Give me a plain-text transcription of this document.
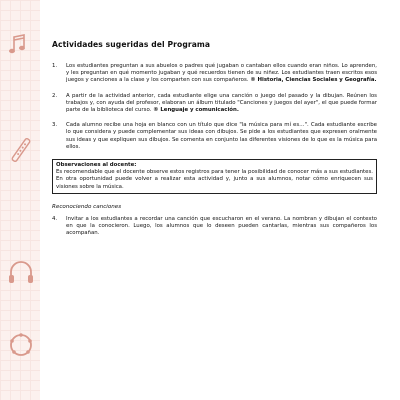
Actividades sugeridas del Programa
1.	Los estudiantes preguntan a sus abuelos o padres qué jugaban o cantaban ellos cuando eran niños. Lo aprenden, y les preguntan en qué momento jugaban y qué recuerdos tienen de su niñez. Los estudiantes traen escritos esos juegos y canciones a la clase y los comparten con sus compañeros. ® Historia, Ciencias Sociales y Geografía.
2.	A partir de la actividad anterior, cada estudiante elige una canción o juego del pasado y la dibujan. Reúnen los trabajos y, con ayuda del profesor, elaboran un álbum titulado "Canciones y juegos del ayer", el que puede formar parte de la biblioteca del curso. ® Lenguaje y comunicación.
3.	Cada alumno recibe una hoja en blanco con un título que dice "la música para mí es…". Cada estudiante escribe lo que considera y puede complementar sus ideas con dibujos. Se pide a los estudiantes que expresen oralmente sus ideas y que expliquen sus dibujos. Se comenta en conjunto las diferentes visiones de lo que es la música para ellos.
Observaciones al docente:
Es recomendable que el docente observe estos registros para tener la posibilidad de conocer más a sus estudiantes. En otra oportunidad puede volver a realizar esta actividad y, junto a sus alumnos, notar cómo enriquecen sus visiones sobre la música.
Reconociendo canciones
4.	Invitar a los estudiantes a recordar una canción que escucharon en el verano. La nombran y dibujan el contexto en que la conocieron. Luego, los alumnos que lo deseen pueden cantarlas, mientras sus compañeros los acompañan.
